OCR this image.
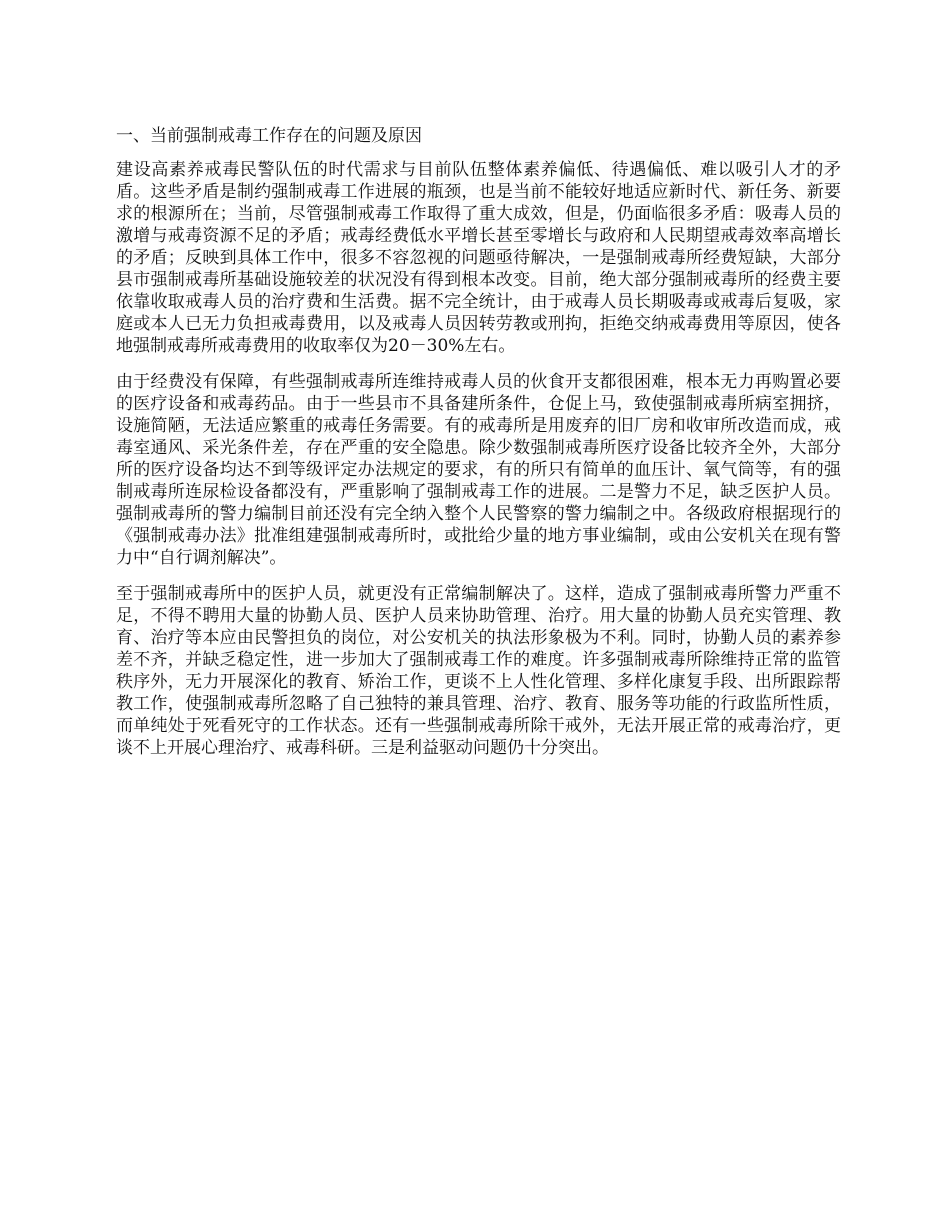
一、当前强制戒毒工作存在的问题及原因

建设高素养戒毒民警队伍的时代需求与目前队伍整体素养偏低、待遇偏低、难以吸引人才的矛盾。这些矛盾是制约强制戒毒工作进展的瓶颈，也是当前不能较好地适应新时代、新任务、新要求的根源所在；当前，尽管强制戒毒工作取得了重大成效，但是，仍面临很多矛盾：吸毒人员的激增与戒毒资源不足的矛盾；戒毒经费低水平增长甚至零增长与政府和人民期望戒毒效率高增长的矛盾；反映到具体工作中，很多不容忽视的问题亟待解决，一是强制戒毒所经费短缺，大部分县市强制戒毒所基础设施较差的状况没有得到根本改变。目前，绝大部分强制戒毒所的经费主要依靠收取戒毒人员的治疗费和生活费。据不完全统计，由于戒毒人员长期吸毒或戒毒后复吸，家庭或本人已无力负担戒毒费用，以及戒毒人员因转劳教或刑拘，拒绝交纳戒毒费用等原因，使各地强制戒毒所戒毒费用的收取率仅为20－30%左右。

由于经费没有保障，有些强制戒毒所连维持戒毒人员的伙食开支都很困难，根本无力再购置必要的医疗设备和戒毒药品。由于一些县市不具备建所条件，仓促上马，致使强制戒毒所病室拥挤，设施简陋，无法适应繁重的戒毒任务需要。有的戒毒所是用废弃的旧厂房和收审所改造而成，戒毒室通风、采光条件差，存在严重的安全隐患。除少数强制戒毒所医疗设备比较齐全外，大部分所的医疗设备均达不到等级评定办法规定的要求，有的所只有简单的血压计、氧气筒等，有的强制戒毒所连尿检设备都没有，严重影响了强制戒毒工作的进展。二是警力不足，缺乏医护人员。强制戒毒所的警力编制目前还没有完全纳入整个人民警察的警力编制之中。各级政府根据现行的《强制戒毒办法》批准组建强制戒毒所时，或批给少量的地方事业编制，或由公安机关在现有警力中“自行调剂解决”。

至于强制戒毒所中的医护人员，就更没有正常编制解决了。这样，造成了强制戒毒所警力严重不足，不得不聘用大量的协勤人员、医护人员来协助管理、治疗。用大量的协勤人员充实管理、教育、治疗等本应由民警担负的岗位，对公安机关的执法形象极为不利。同时，协勤人员的素养参差不齐，并缺乏稳定性，进一步加大了强制戒毒工作的难度。许多强制戒毒所除维持正常的监管秩序外，无力开展深化的教育、矫治工作，更谈不上人性化管理、多样化康复手段、出所跟踪帮教工作，使强制戒毒所忽略了自己独特的兼具管理、治疗、教育、服务等功能的行政监所性质，而单纯处于死看死守的工作状态。还有一些强制戒毒所除干戒外，无法开展正常的戒毒治疗，更谈不上开展心理治疗、戒毒科研。三是利益驱动问题仍十分突出。
